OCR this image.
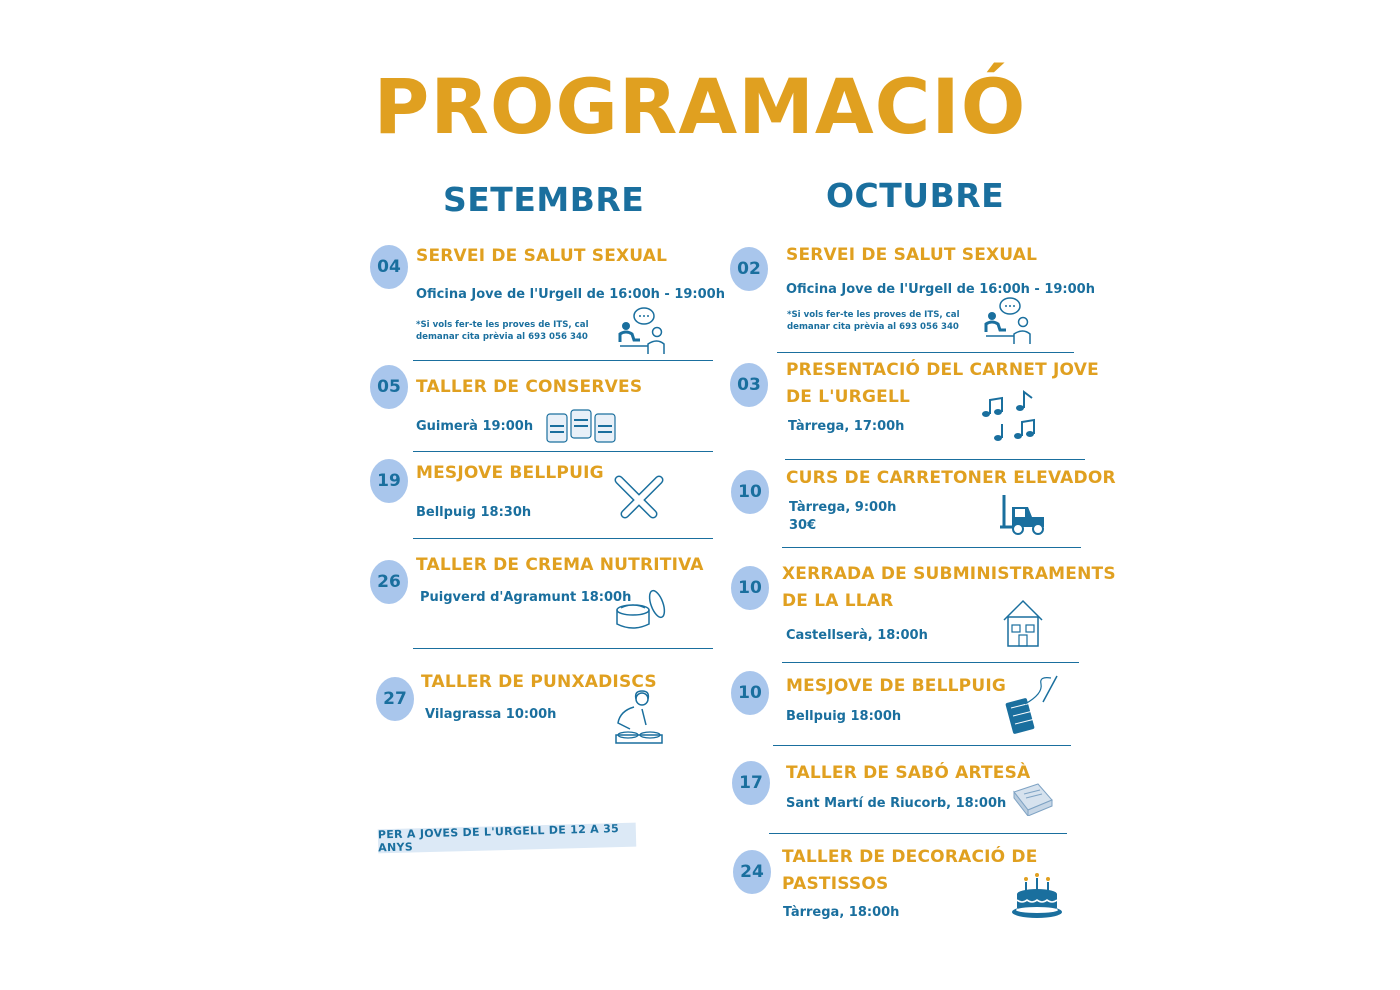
PROGRAMACIÓ
SETEMBRE	OCTUBRE
04
SERVEI DE SALUT SEXUAL
Oficina Jove de l'Urgell de 16:00h - 19:00h
*Si vols fer-te les proves de ITS, cal
demanar cita prèvia al 693 056 340
05 TALLER DE CONSERVES
Guimerà 19:00h
19 MESJOVE BELLPUIG
Bellpuig 18:30h
26
TALLER DE CREMA NUTRITIVA
Puigverd d'Agramunt 18:00h
27
TALLER DE PUNXADISCS
Vilagrassa 10:00h
PER A JOVES DE L'URGELL DE 12 A 35 ANYS
02
SERVEI DE SALUT SEXUAL
Oficina Jove de l'Urgell de 16:00h - 19:00h
*Si vols fer-te les proves de ITS, cal
demanar cita prèvia al 693 056 340
03
PRESENTACIÓ DEL CARNET JOVE
DE L'URGELL
Tàrrega, 17:00h
10
CURS DE CARRETONER ELEVADOR
Tàrrega, 9:00h
30€
10
XERRADA DE SUBMINISTRAMENTS
DE LA LLAR
Castellserà, 18:00h
10	MESJOVE DE BELLPUIG
Bellpuig 18:00h
17	TALLER DE SABÓ ARTESÀ
Sant Martí de Riucorb, 18:00h
24
TALLER DE DECORACIÓ DE
PASTISSOS
Tàrrega, 18:00h
